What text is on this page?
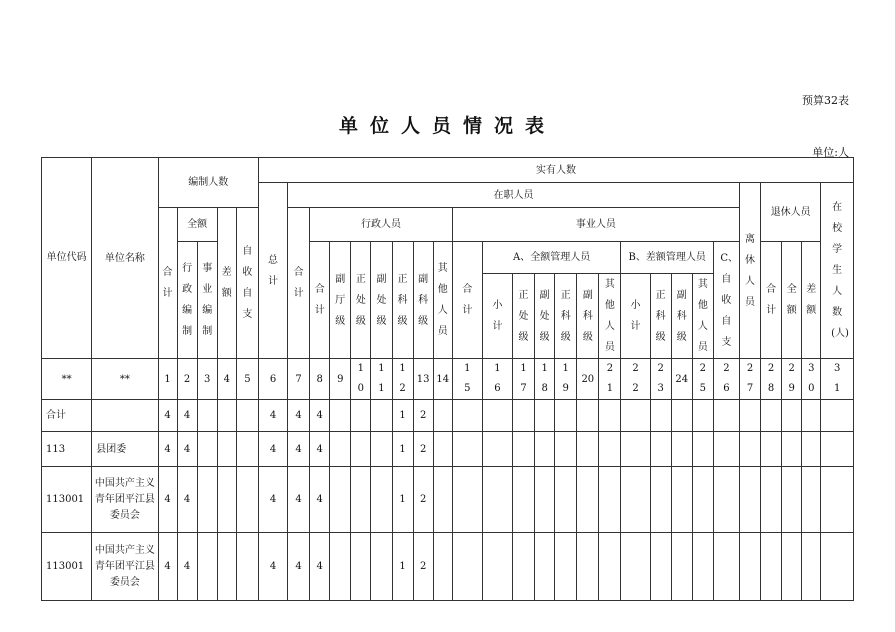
预算32表
单位人员情况表
单位:人
单位代码	单位名称	编制人数					实有人数																									
							总计	在职人员																				离休人员	退休人员			在校学生人数(人)
		合计	全额		差额	自收自支		合计	行政人员							事业人员																
			行政编制	事业编制					合计	副厅级	正处级	副处级	正科级	副科级	其他人员	合计	A、全额管理人员						B、差额管理人员				C、自收自支		合计	全额	差额	
																	小计	正处级	副处级	正科级	副科级	其他人员	小计	正科级	副科级	其他人员						

**	**	1	2	3	4	5	6	7	8	9	10	11	12	13	14	15	16	17	18	19	20	21	22	23	24	25	26	27	28	29	30	31
合计		4	4				4	4	4				1	2																		
113	县团委	4	4				4	4	4				1	2																		
113001	中国共产主义青年团平江县委员会	4	4				4	4	4				1	2																		
113001	中国共产主义青年团平江县委员会	4	4				4	4	4				1	2																		
